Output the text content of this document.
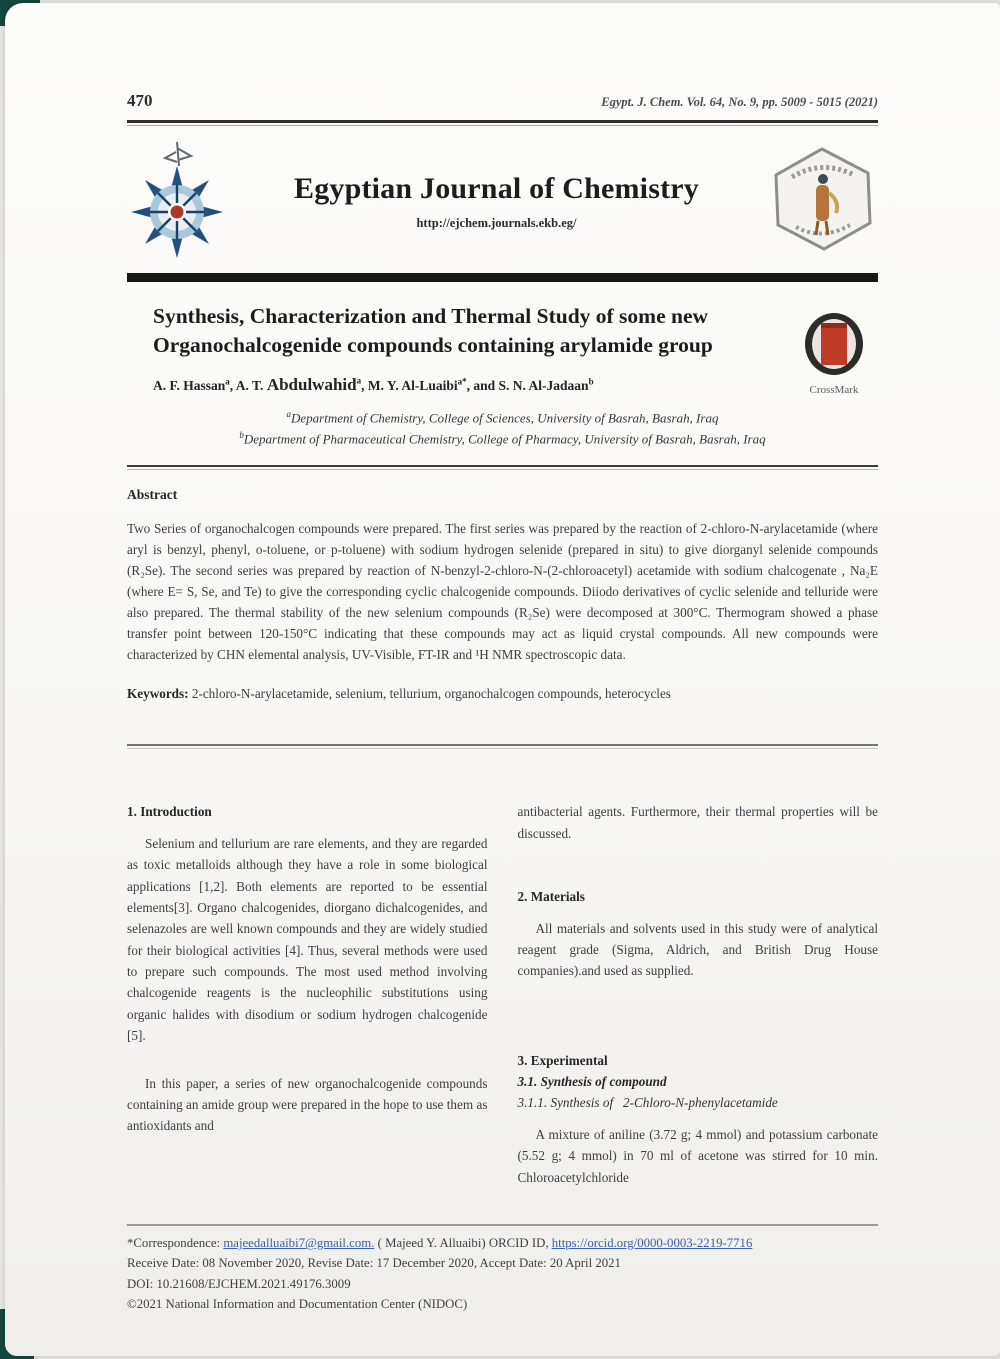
470	Egypt. J. Chem. Vol. 64, No. 9, pp. 5009 - 5015 (2021)
Egyptian Journal of Chemistry
http://ejchem.journals.ekb.eg/
Synthesis, Characterization and Thermal Study of some new Organochalcogenide compounds containing arylamide group
A. F. Hassan$^a$, A. T. Abdulwahid$^a$, M. Y. Al-Luaibi$^{a*}$, and S. N. Al-Jadaan$^b$
CrossMark
$^a$Department of Chemistry, College of Sciences, University of Basrah, Basrah, Iraq
$^b$Department of Pharmaceutical Chemistry, College of Pharmacy, University of Basrah, Basrah, Iraq
Abstract

Two Series of organochalcogen compounds were prepared. The first series was prepared by the reaction of 2-chloro-N-arylacetamide (where aryl is benzyl, phenyl, o-toluene, or p-toluene) with sodium hydrogen selenide (prepared in situ) to give diorganyl selenide compounds (R₂Se). The second series was prepared by reaction of N-benzyl-2-chloro-N-(2-chloroacetyl) acetamide with sodium chalcogenate , Na₂E (where E= S, Se, and Te) to give the corresponding cyclic chalcogenide compounds. Diiodo derivatives of cyclic selenide and telluride were also prepared. The thermal stability of the new selenium compounds (R₂Se) were decomposed at 300°C. Thermogram showed a phase transfer point between 120-150°C indicating that these compounds may act as liquid crystal compounds. All new compounds were characterized by CHN elemental analysis, UV-Visible, FT-IR and ¹H NMR spectroscopic data.

Keywords: 2-chloro-N-arylacetamide, selenium, tellurium, organochalcogen compounds, heterocycles

1. Introduction

Selenium and tellurium are rare elements, and they are regarded as toxic metalloids although they have a role in some biological applications [1,2]. Both elements are reported to be essential elements[3]. Organo chalcogenides, diorgano dichalcogenides, and selenazoles are well known compounds and they are widely studied for their biological activities [4]. Thus, several methods were used to prepare such compounds. The most used method involving chalcogenide reagents is the nucleophilic substitutions using organic halides with disodium or sodium hydrogen chalcogenide [5].

In this paper, a series of new organochalcogenide compounds containing an amide group were prepared in the hope to use them as antioxidants and

antibacterial agents. Furthermore, their thermal properties will be discussed.

2. Materials

All materials and solvents used in this study were of analytical reagent grade (Sigma, Aldrich, and British Drug House companies).and used as supplied.

3. Experimental
3.1. Synthesis of compound
3.1.1. Synthesis of   2-Chloro-N-phenylacetamide

A mixture of aniline (3.72 g; 4 mmol) and potassium carbonate (5.52 g; 4 mmol) in 70 ml of acetone was stirred for 10 min. Chloroacetylchloride

*Correspondence: majeedalluaibi7@gmail.com. ( Majeed Y. Alluaibi) ORCID ID, https://orcid.org/0000-0003-2219-7716
Receive Date: 08 November 2020, Revise Date: 17 December 2020, Accept Date: 20 April 2021
DOI: 10.21608/EJCHEM.2021.49176.3009
©2021 National Information and Documentation Center (NIDOC)
